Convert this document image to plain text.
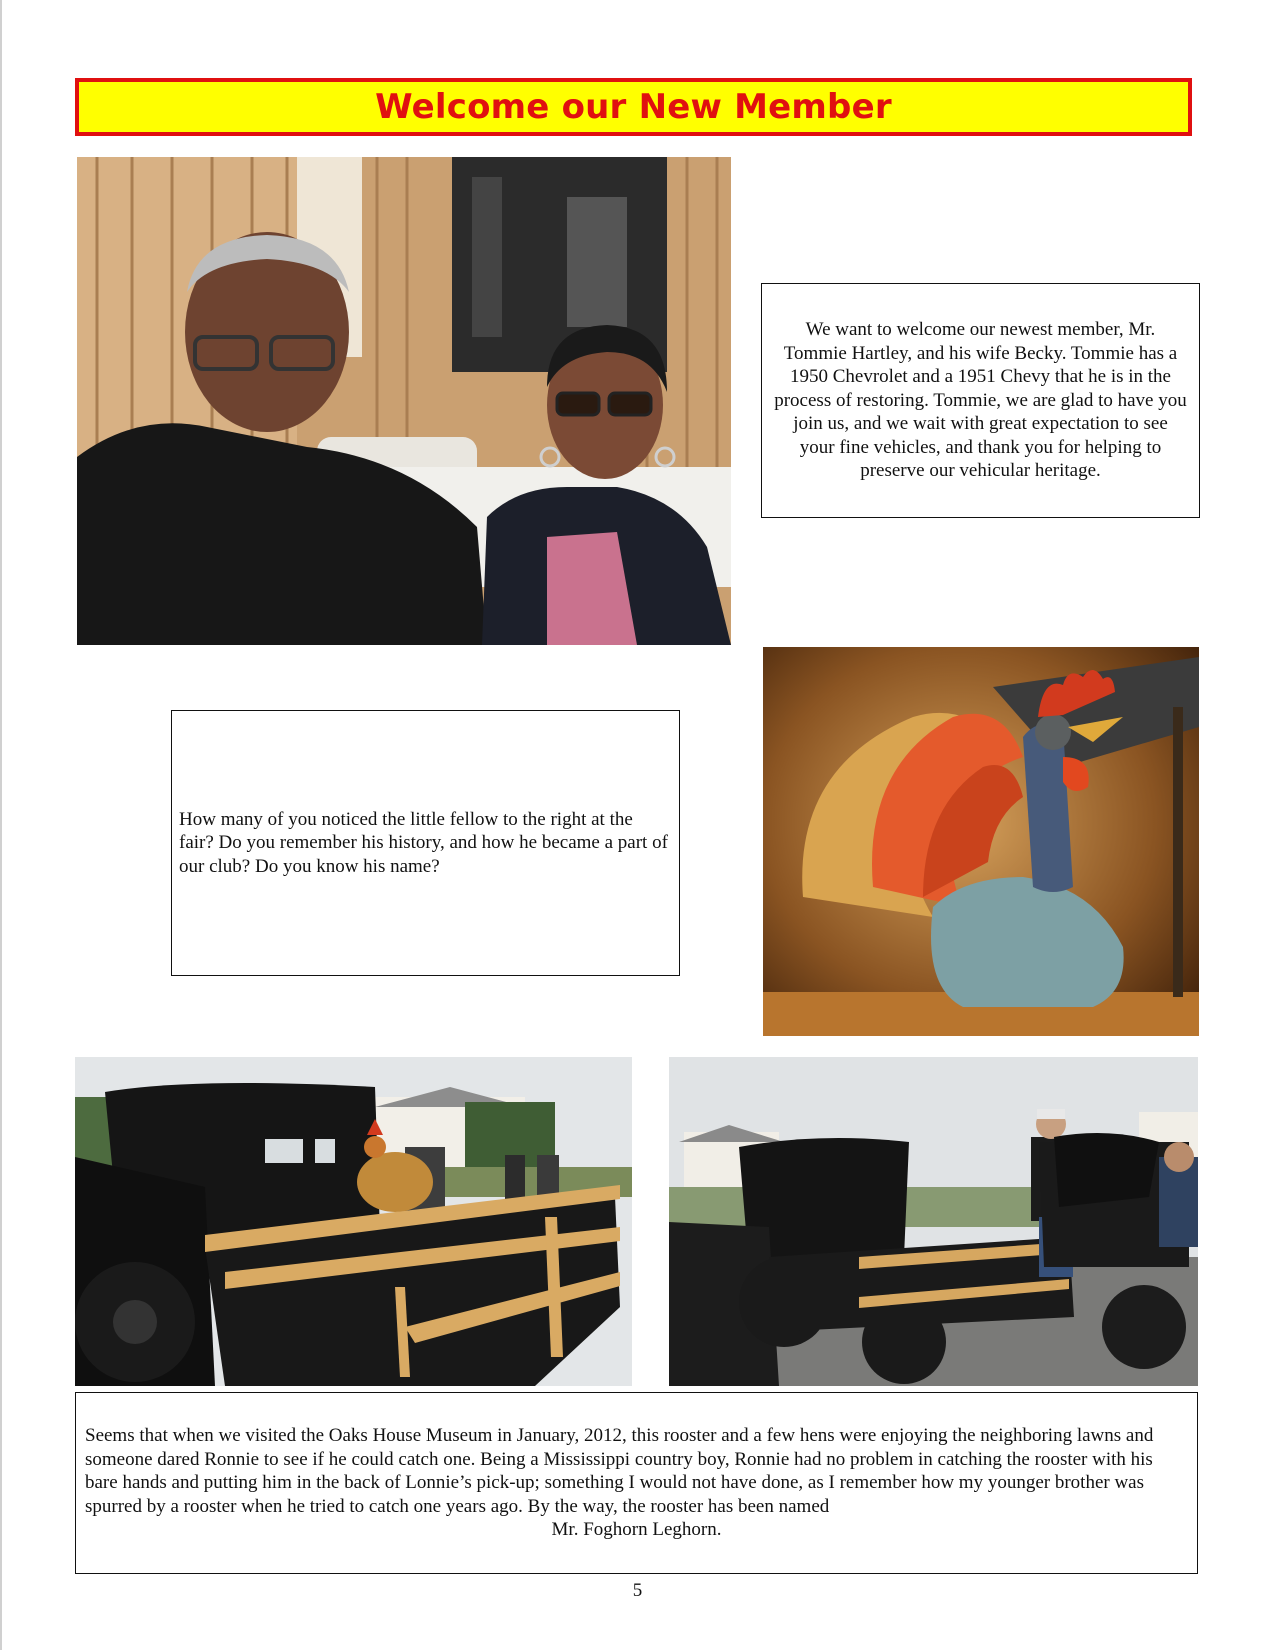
Welcome our New Member
We want to welcome our newest member, Mr. Tommie Hartley, and his wife Becky. Tommie has a 1950 Chevrolet and a 1951 Chevy that he is in the process of restoring. Tommie, we are glad to have you join us, and we wait with great expectation to see your fine vehicles, and thank you for helping to preserve our vehicular heritage.
How many of you noticed the little fellow to the right at the fair? Do you remember his history, and how he became a part of our club? Do you know his name?
Seems that when we visited the Oaks House Museum in January, 2012, this rooster and a few hens were enjoying the neighboring lawns and someone dared Ronnie to see if he could catch one. Being a Mississippi country boy, Ronnie had no problem in catching the rooster with his bare hands and putting him in the back of Lonnie’s pick-up; something I would not have done, as I remember how my younger brother was spurred by a rooster when he tried to catch one years ago. By the way, the rooster has been named
Mr. Foghorn Leghorn.
5
